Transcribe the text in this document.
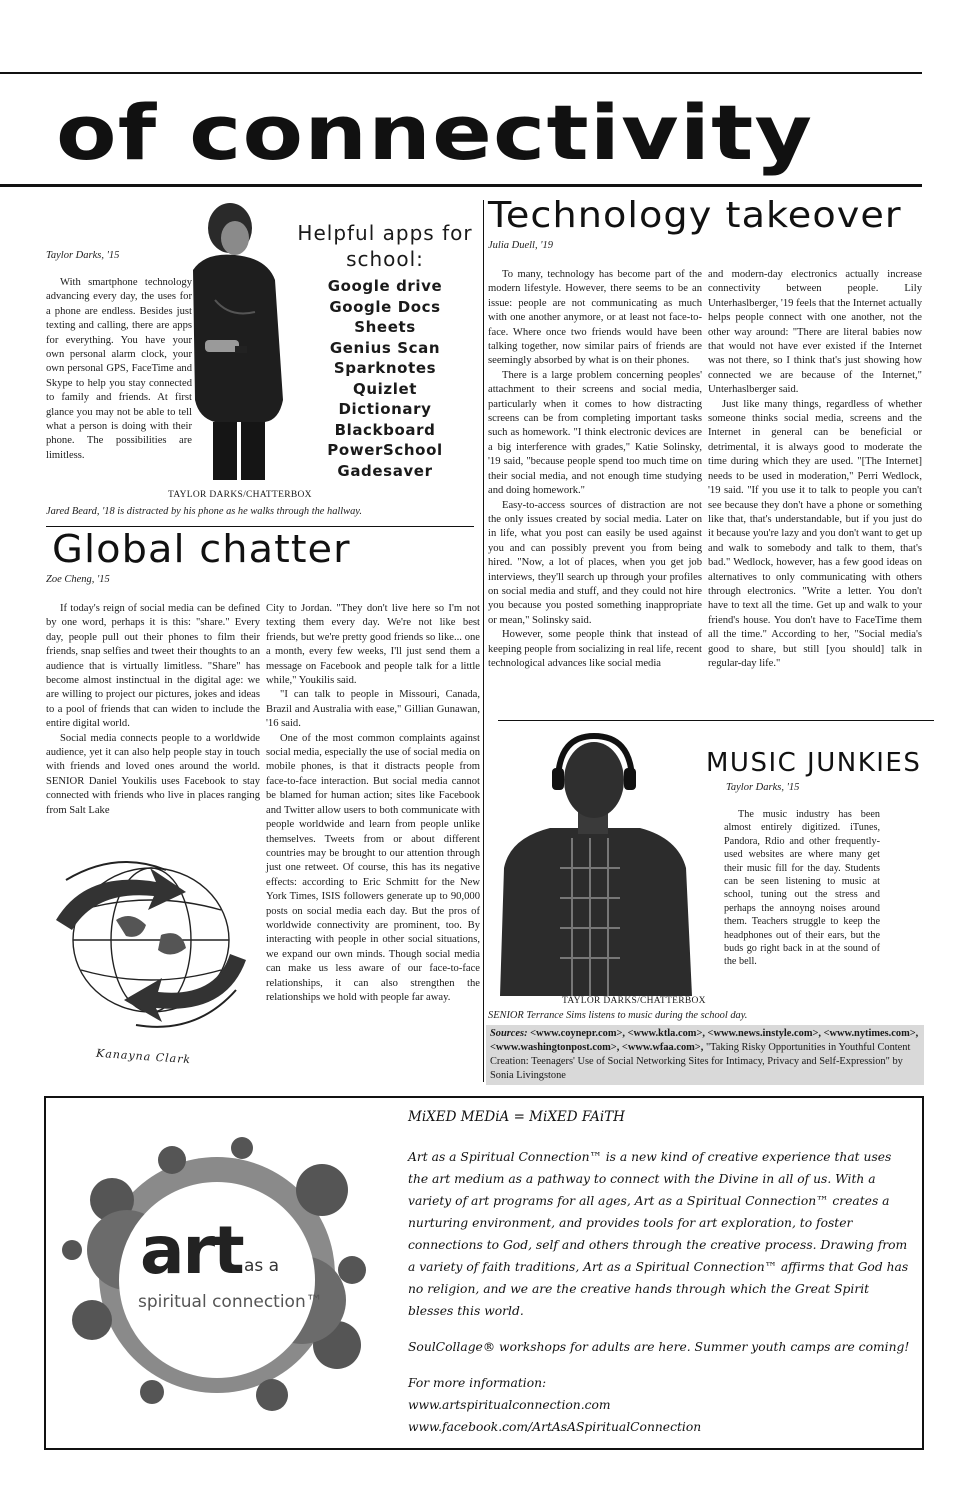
of connectivity
Taylor Darks, '15

With smartphone technology advancing every day, the uses for a phone are endless. Besides just texting and calling, there are apps for everything. You have your own personal alarm clock, your own personal GPS, FaceTime and Skype to help you stay connected to family and friends. At first glance you may not be able to tell what a person is doing with their phone. The possibilities are limitless.

Helpful apps for school:
Google drive
Google Docs
Sheets
Genius Scan
Sparknotes
Quizlet
Dictionary
Blackboard
PowerSchool
Gadesaver
TAYLOR DARKS/CHATTERBOX
Jared Beard, '18 is distracted by his phone as he walks through the hallway.
Global chatter
Zoe Cheng, '15

If today's reign of social media can be defined by one word, perhaps it is this: "share." Every day, people pull out their phones to film their friends, snap selfies and tweet their thoughts to an audience that is virtually limitless. "Share" has become almost instinctual in the digital age: we are willing to project our pictures, jokes and ideas to a pool of friends that can widen to include the entire digital world.

Social media connects people to a worldwide audience, yet it can also help people stay in touch with friends and loved ones around the world. SENIOR Daniel Youkilis uses Facebook to stay connected with friends who live in places ranging from Salt Lake

City to Jordan. "They don't live here so I'm not texting them every day. We're not like best friends, but we're pretty good friends so like... one a month, every few weeks, I'll just send them a message on Facebook and people talk for a little while," Youkilis said.

"I can talk to people in Missouri, Canada, Brazil and Australia with ease," Gillian Gunawan, '16 said.

One of the most common complaints against social media, especially the use of social media on mobile phones, is that it distracts people from face-to-face interaction. But social media cannot be blamed for human action; sites like Facebook and Twitter allow users to both communicate with people worldwide and learn from people unlike themselves. Tweets from or about different countries may be brought to our attention through just one retweet. Of course, this has its negative effects: according to Eric Schmitt for the New York Times, ISIS followers generate up to 90,000 posts on social media each day. But the pros of worldwide connectivity are prominent, too. By interacting with people in other social situations, we expand our own minds. Though social media can make us less aware of our face-to-face relationships, it can also strengthen the relationships we hold with people far away.

Kanayna Clark
Technology takeover
Julia Duell, '19

To many, technology has become part of the modern lifestyle. However, there seems to be an issue: people are not communicating as much with one another anymore, or at least not face-to-face. Where once two friends would have been talking together, now similar pairs of friends are seemingly absorbed by what is on their phones.

There is a large problem concerning peoples' attachment to their screens and social media, particularly when it comes to how distracting screens can be from completing important tasks such as homework. "I think electronic devices are a big interference with grades," Katie Solinsky, '19 said, "because people spend too much time on their social media, and not enough time studying and doing homework."

Easy-to-access sources of distraction are not the only issues created by social media. Later on in life, what you post can easily be used against you and can possibly prevent you from being hired. "Now, a lot of places, when you get job interviews, they'll search up through your profiles on social media and stuff, and they could not hire you because you posted something inappropriate or mean," Solinsky said.

However, some people think that instead of keeping people from socializing in real life, recent technological advances like social media

and modern-day electronics actually increase connectivity between people. Lily Unterhaslberger, '19 feels that the Internet actually helps people connect with one another, not the other way around: "There are literal babies now that would not have ever existed if the Internet was not there, so I think that's just showing how connected we are because of the Internet," Unterhaslberger said.

Just like many things, regardless of whether someone thinks social media, screens and the Internet in general can be beneficial or detrimental, it is always good to moderate the time during which they are used. "[The Internet] needs to be used in moderation," Perri Wedlock, '19 said. "If you use it to talk to people you can't see because they don't have a phone or something like that, that's understandable, but if you just do it because you're lazy and you don't want to get up and walk to somebody and talk to them, that's bad." Wedlock, however, has a few good ideas on alternatives to only communicating with others through electronics. "Write a letter. You don't have to text all the time. Get up and walk to your friend's house. You don't have to FaceTime them all the time." According to her, "Social media's good to share, but still [you should] talk in regular-day life."

MUSIC JUNKIES
Taylor Darks, '15

The music industry has been almost entirely digitized. iTunes, Pandora, Rdio and other frequently-used websites are where many get their music fill for the day. Students can be seen listening to music at school, tuning out the stress and perhaps the annoyng noises around them. Teachers struggle to keep the headphones out of their ears, but the buds go right back in at the sound of the bell.

TAYLOR DARKS/CHATTERBOX
SENIOR Terrance Sims listens to music during the school day.
Sources: <www.coynepr.com>, <www.ktla.com>, <www.news.instyle.com>, <www.nytimes.com>, <www.washingtonpost.com>, <www.wfaa.com>, "Taking Risky Opportunities in Youthful Content Creation: Teenagers' Use of Social Networking Sites for Intimacy, Privacy and Self-Expression" by Sonia Livingstone
art as a
spiritual connection™

MiXED MEDiA = MiXED FAiTH

Art as a Spiritual Connection™ is a new kind of creative experience that uses the art medium as a pathway to connect with the Divine in all of us. With a variety of art programs for all ages, Art as a Spiritual Connection™ creates a nurturing environment, and provides tools for art exploration, to foster connections to God, self and others through the creative process. Drawing from a variety of faith traditions, Art as a Spiritual Connection™ affirms that God has no religion, and we are the creative hands through which the Great Spirit blesses this world.

SoulCollage® workshops for adults are here. Summer youth camps are coming!

For more information:

www.artspiritualconnection.com

www.facebook.com/ArtAsASpiritualConnection
